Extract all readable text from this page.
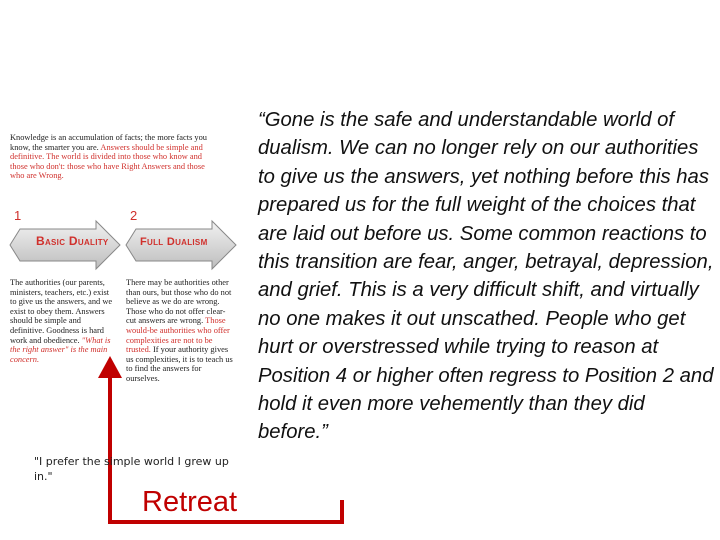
Knowledge is an accumulation of facts; the more facts you know, the smarter you are. Answers should be simple and definitive. The world is divided into those who know and those who don't: those who have Right Answers and those who are Wrong.
1	2
Basic Duality	Full Dualism
The authorities (our parents, ministers, teachers, etc.) exist to give us the answers, and we exist to obey them. Answers should be simple and definitive. Goodness is hard work and obedience. "What is the right answer" is the main concern.
There may be authorities other than ours, but those who do not believe as we do are wrong. Those who do not offer clear-cut answers are wrong. Those would-be authorities who offer complexities are not to be trusted. If your authority gives us complexities, it is to teach us to find the answers for ourselves.
“Gone is the safe and understandable world of dualism. We can no longer rely on our authorities to give us the answers, yet nothing before this has prepared us for the full weight of the choices that are laid out before us. Some common reactions to this transition are fear, anger, betrayal, depression, and grief. This is a very difficult shift, and virtually no one makes it out unscathed. People who get hurt or overstressed while trying to reason at Position 4 or higher often regress to Position 2 and hold it even more vehemently than they did before.”
"I prefer the simple world I grew up in."
Retreat
